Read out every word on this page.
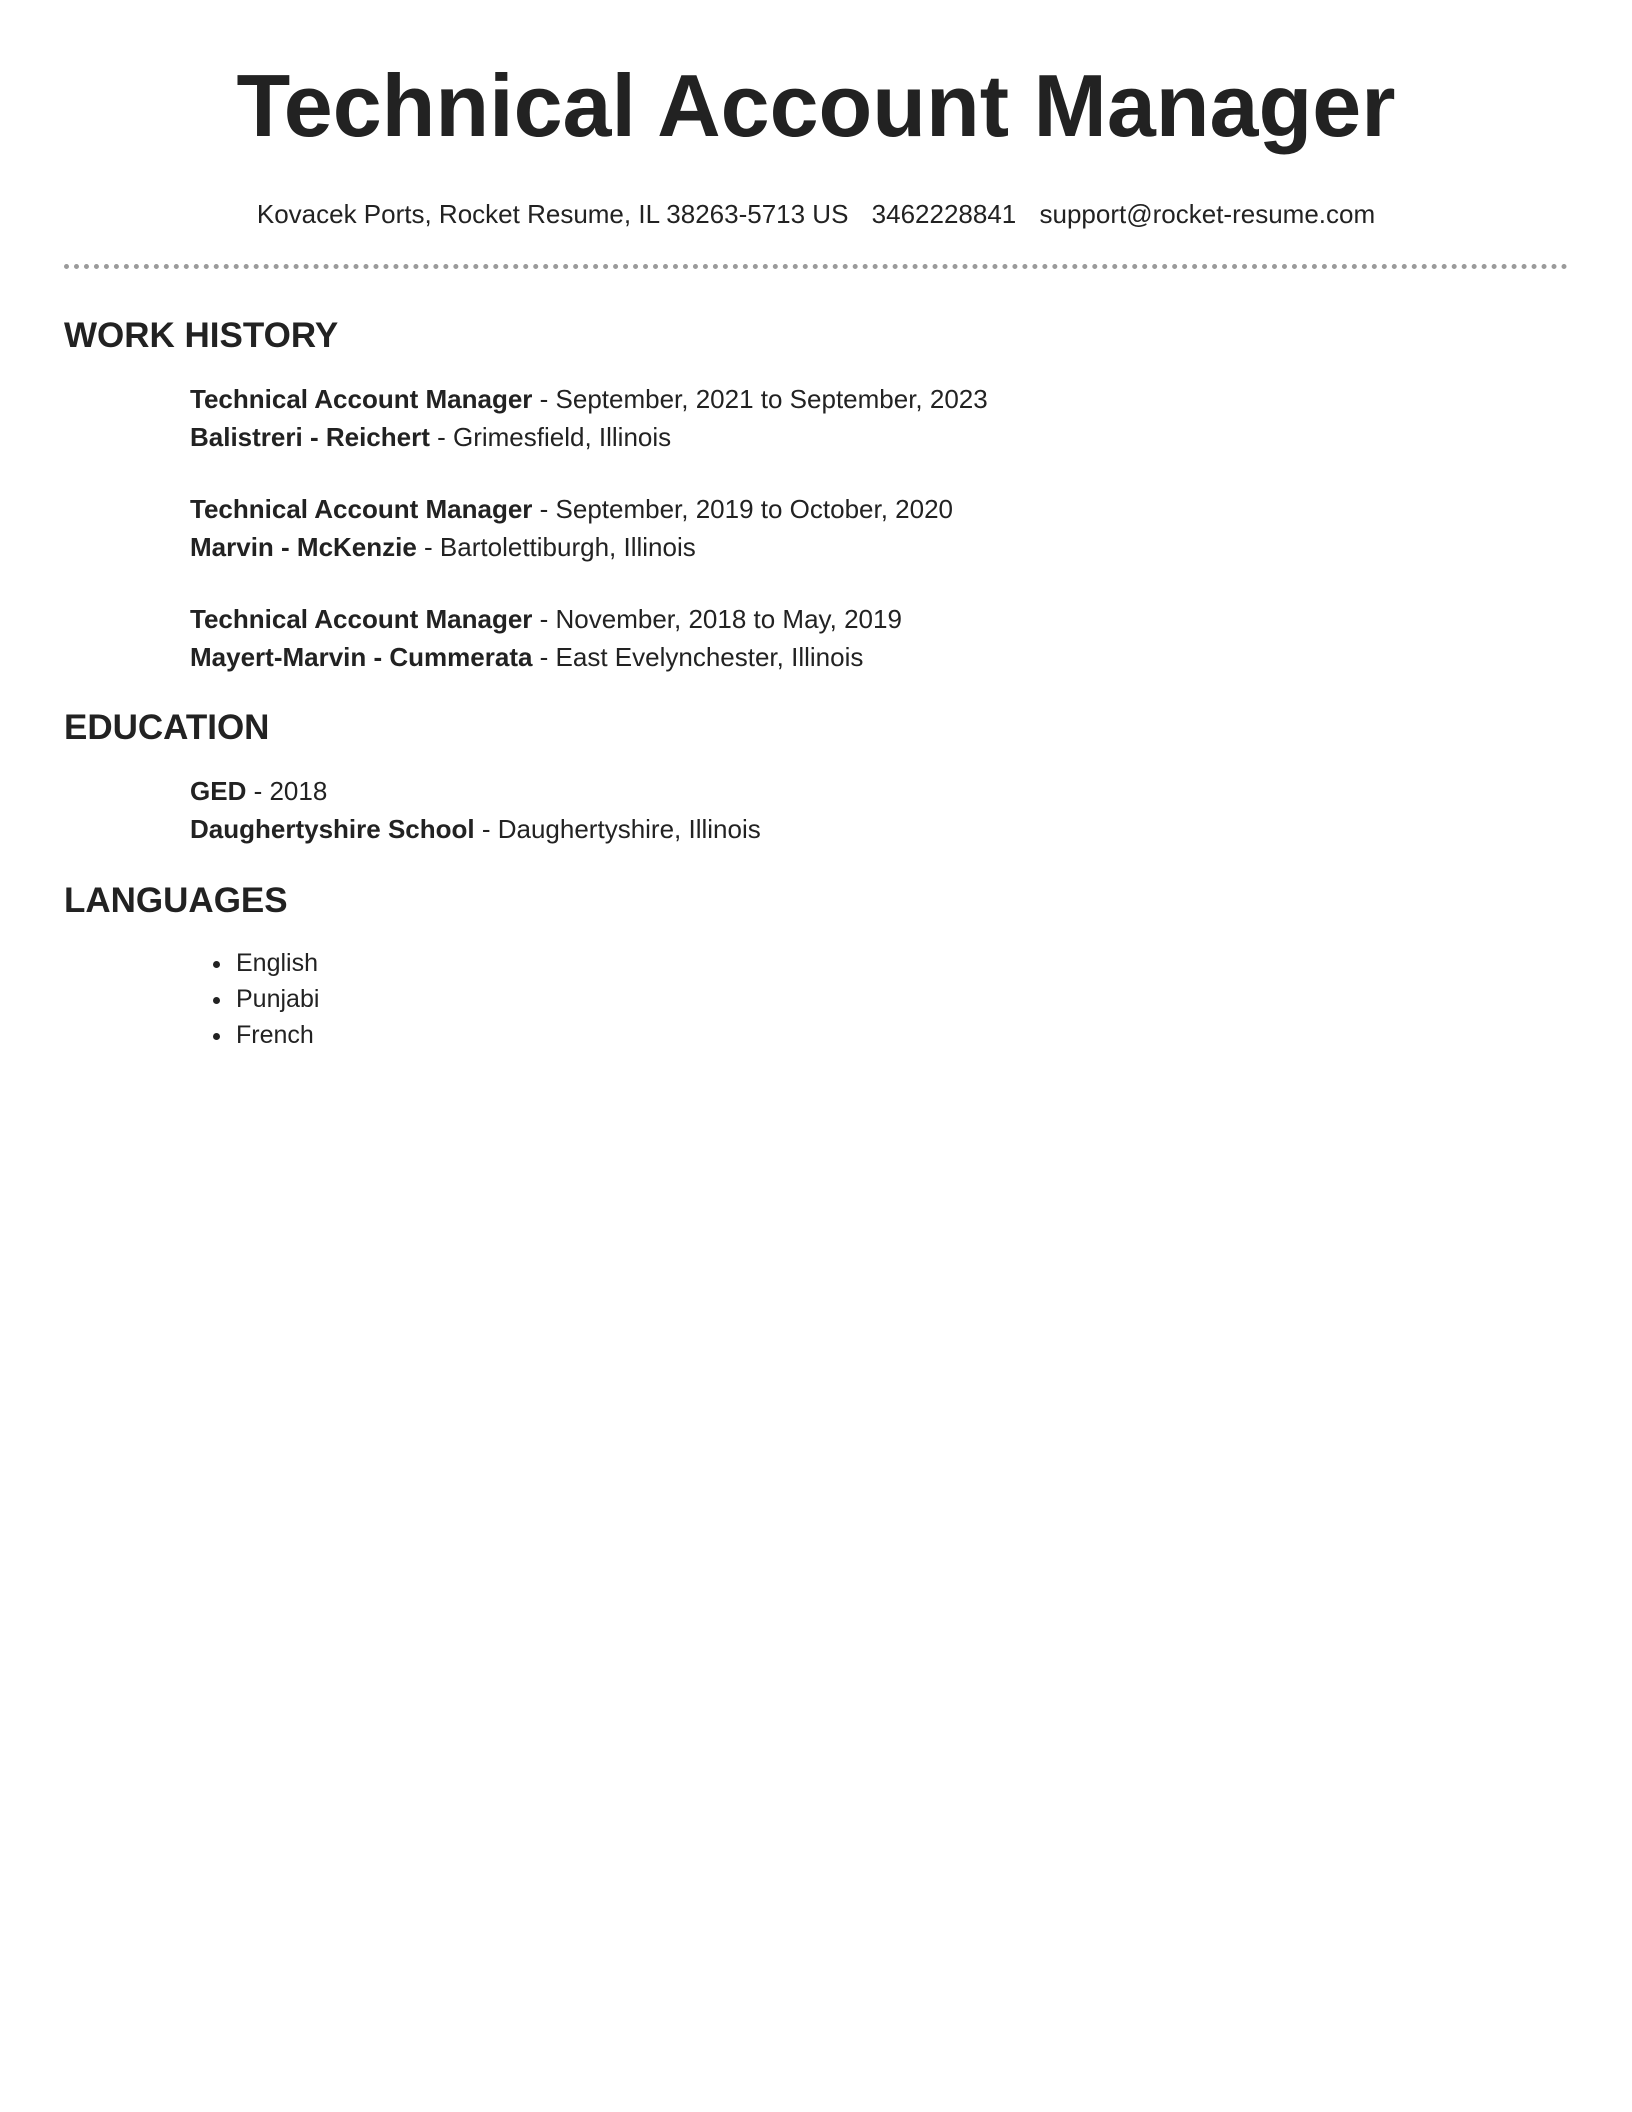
Technical Account Manager
Kovacek Ports, Rocket Resume, IL 38263-5713 US 3462228841 support@rocket-resume.com
WORK HISTORY
Technical Account Manager - September, 2021 to September, 2023
Balistreri - Reichert - Grimesfield, Illinois
Technical Account Manager - September, 2019 to October, 2020
Marvin - McKenzie - Bartolettiburgh, Illinois
Technical Account Manager - November, 2018 to May, 2019
Mayert-Marvin - Cummerata - East Evelynchester, Illinois
EDUCATION
GED - 2018
Daughertyshire School - Daughertyshire, Illinois
LANGUAGES
• English
• Punjabi
• French
